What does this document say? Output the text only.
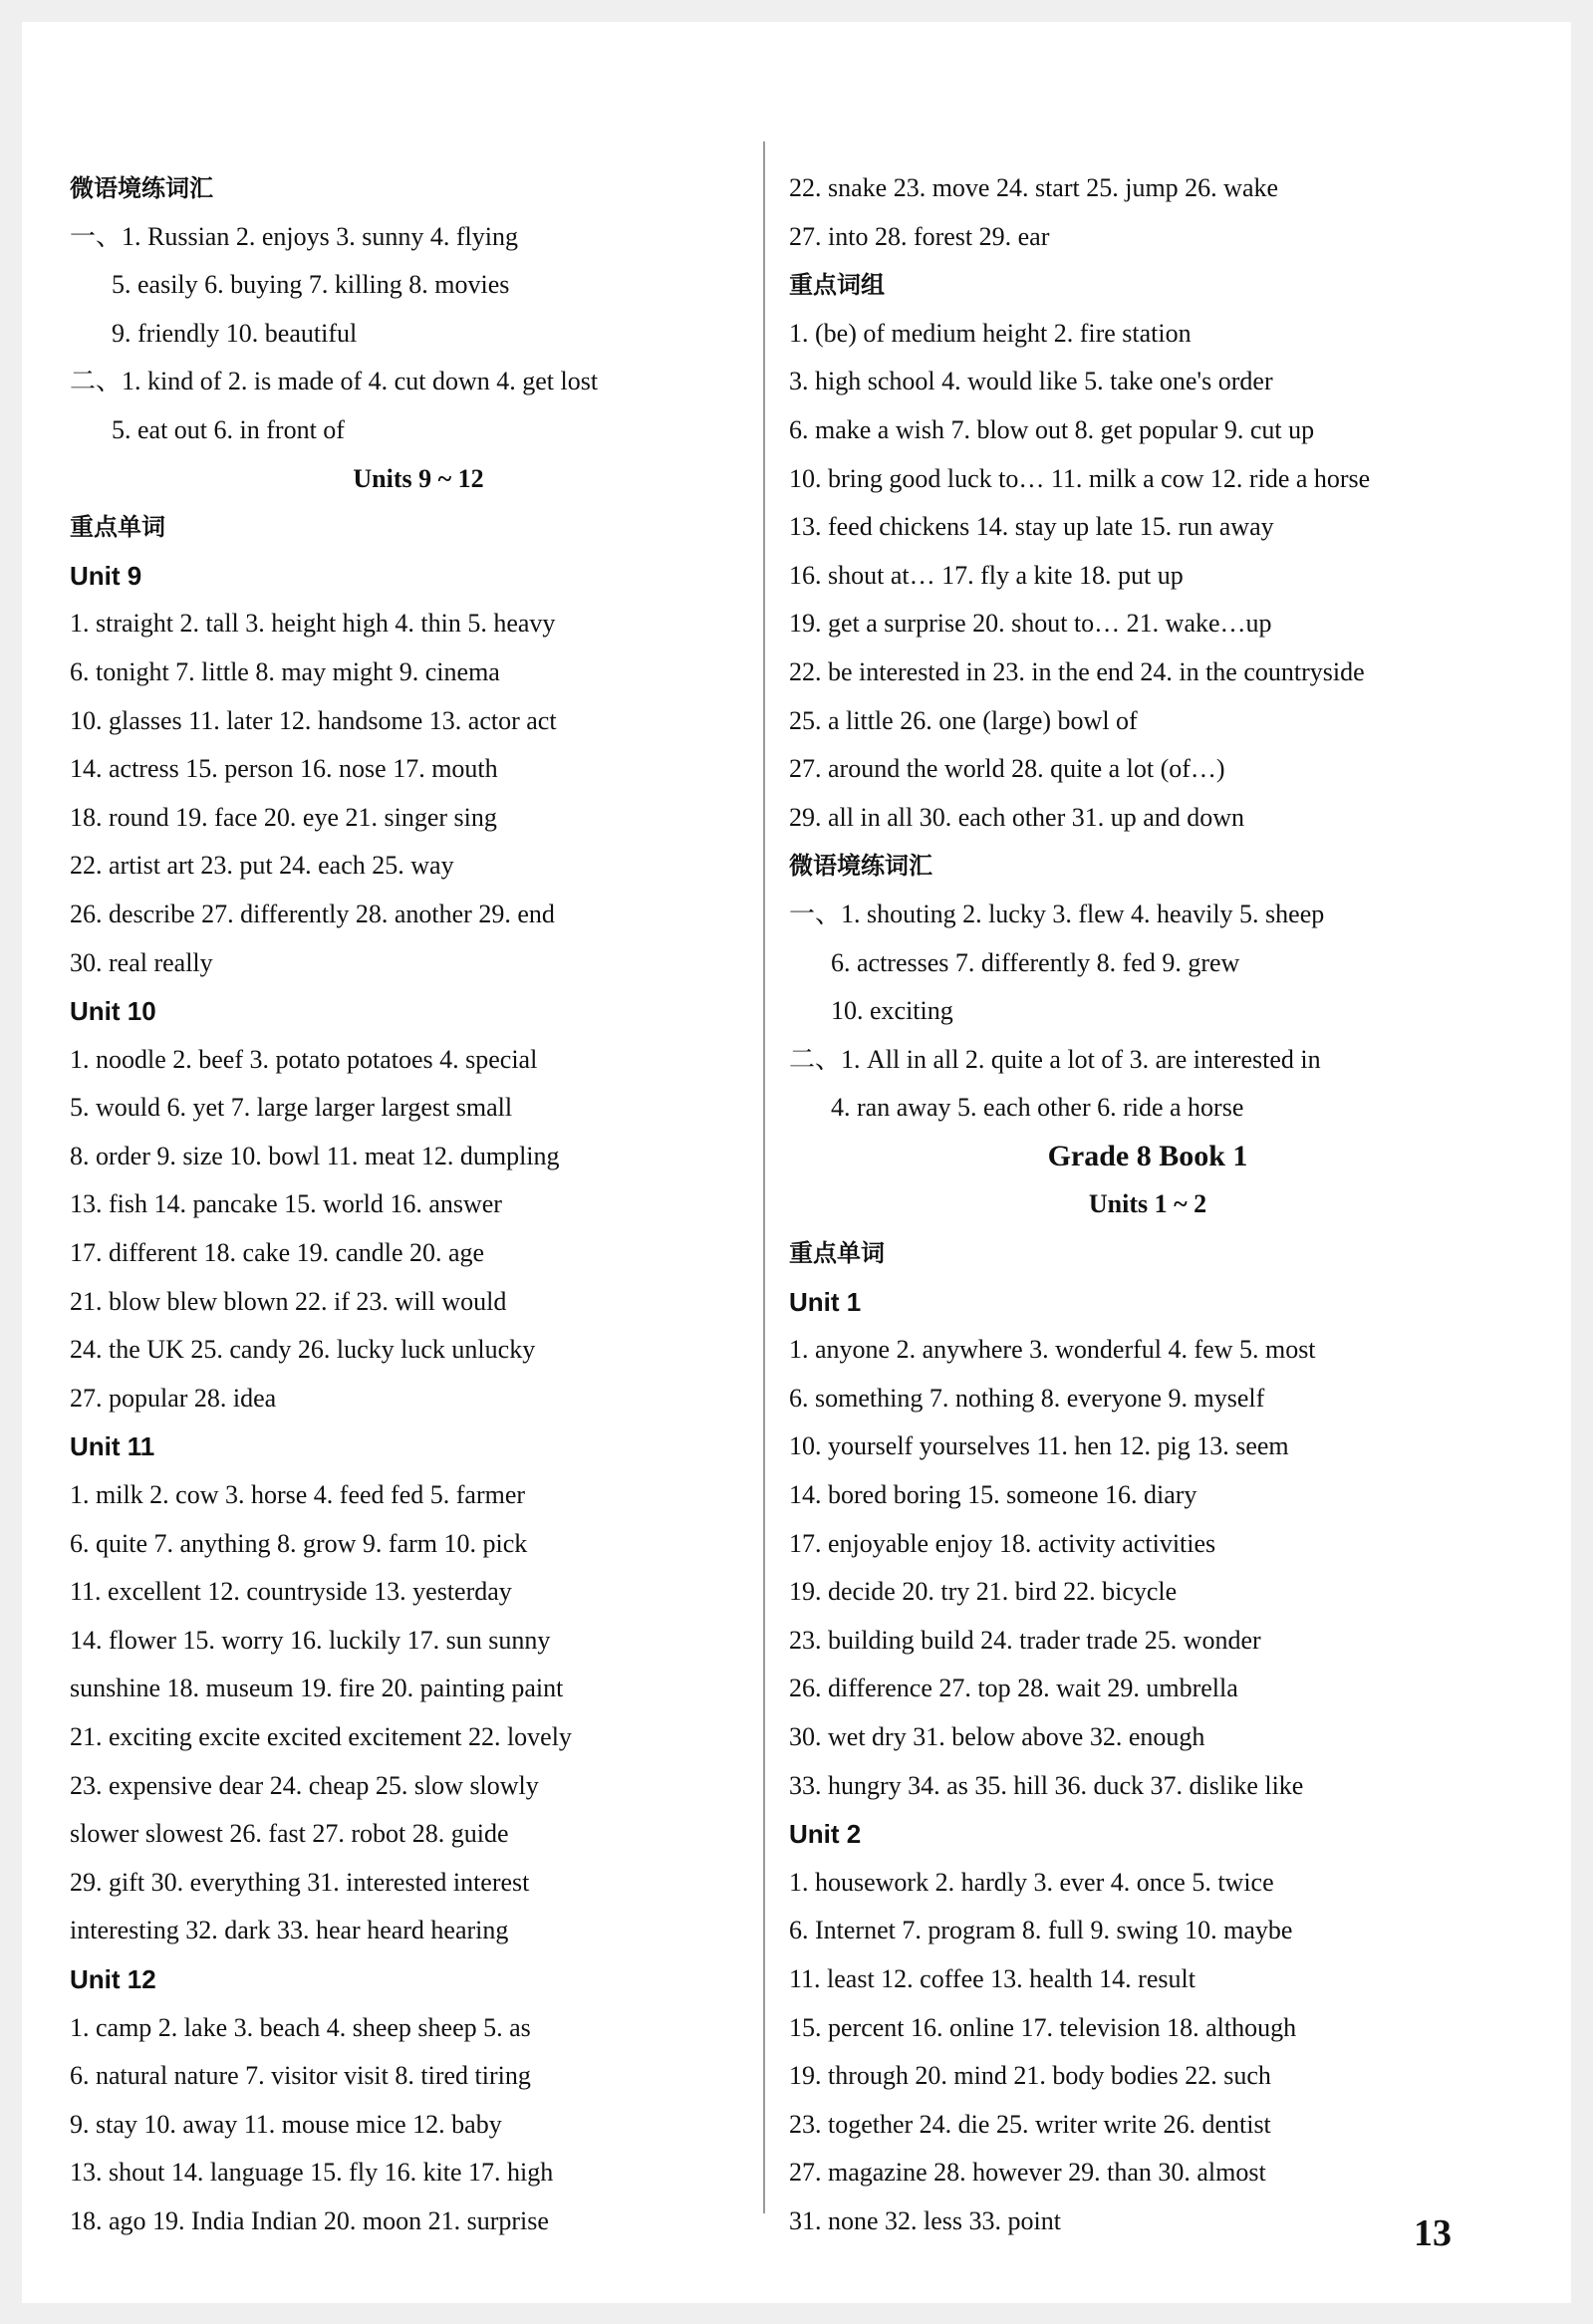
微语境练词汇
一、1. Russian 2. enjoys 3. sunny 4. flying
5. easily 6. buying 7. killing 8. movies
9. friendly 10. beautiful
二、1. kind of 2. is made of 4. cut down 4. get lost
5. eat out 6. in front of
Units 9 ~ 12
重点单词
Unit 9
1. straight 2. tall 3. height high 4. thin 5. heavy
6. tonight 7. little 8. may might 9. cinema
10. glasses 11. later 12. handsome 13. actor act
14. actress 15. person 16. nose 17. mouth
18. round 19. face 20. eye 21. singer sing
22. artist art 23. put 24. each 25. way
26. describe 27. differently 28. another 29. end
30. real really
Unit 10
1. noodle 2. beef 3. potato potatoes 4. special
5. would 6. yet 7. large larger largest small
8. order 9. size 10. bowl 11. meat 12. dumpling
13. fish 14. pancake 15. world 16. answer
17. different 18. cake 19. candle 20. age
21. blow blew blown 22. if 23. will would
24. the UK 25. candy 26. lucky luck unlucky
27. popular 28. idea
Unit 11
1. milk 2. cow 3. horse 4. feed fed 5. farmer
6. quite 7. anything 8. grow 9. farm 10. pick
11. excellent 12. countryside 13. yesterday
14. flower 15. worry 16. luckily 17. sun sunny
sunshine 18. museum 19. fire 20. painting paint
21. exciting excite excited excitement 22. lovely
23. expensive dear 24. cheap 25. slow slowly
slower slowest 26. fast 27. robot 28. guide
29. gift 30. everything 31. interested interest
interesting 32. dark 33. hear heard hearing
Unit 12
1. camp 2. lake 3. beach 4. sheep sheep 5. as
6. natural nature 7. visitor visit 8. tired tiring
9. stay 10. away 11. mouse mice 12. baby
13. shout 14. language 15. fly 16. kite 17. high
18. ago 19. India Indian 20. moon 21. surprise
22. snake 23. move 24. start 25. jump 26. wake
27. into 28. forest 29. ear
重点词组
1. (be) of medium height 2. fire station
3. high school 4. would like 5. take one's order
6. make a wish 7. blow out 8. get popular 9. cut up
10. bring good luck to… 11. milk a cow 12. ride a horse
13. feed chickens 14. stay up late 15. run away
16. shout at… 17. fly a kite 18. put up
19. get a surprise 20. shout to… 21. wake…up
22. be interested in 23. in the end 24. in the countryside
25. a little 26. one (large) bowl of
27. around the world 28. quite a lot (of…)
29. all in all 30. each other 31. up and down
微语境练词汇
一、1. shouting 2. lucky 3. flew 4. heavily 5. sheep
6. actresses 7. differently 8. fed 9. grew
10. exciting
二、1. All in all 2. quite a lot of 3. are interested in
4. ran away 5. each other 6. ride a horse
Grade 8 Book 1
Units 1 ~ 2
重点单词
Unit 1
1. anyone 2. anywhere 3. wonderful 4. few 5. most
6. something 7. nothing 8. everyone 9. myself
10. yourself yourselves 11. hen 12. pig 13. seem
14. bored boring 15. someone 16. diary
17. enjoyable enjoy 18. activity activities
19. decide 20. try 21. bird 22. bicycle
23. building build 24. trader trade 25. wonder
26. difference 27. top 28. wait 29. umbrella
30. wet dry 31. below above 32. enough
33. hungry 34. as 35. hill 36. duck 37. dislike like
Unit 2
1. housework 2. hardly 3. ever 4. once 5. twice
6. Internet 7. program 8. full 9. swing 10. maybe
11. least 12. coffee 13. health 14. result
15. percent 16. online 17. television 18. although
19. through 20. mind 21. body bodies 22. such
23. together 24. die 25. writer write 26. dentist
27. magazine 28. however 29. than 30. almost
31. none 32. less 33. point	13
